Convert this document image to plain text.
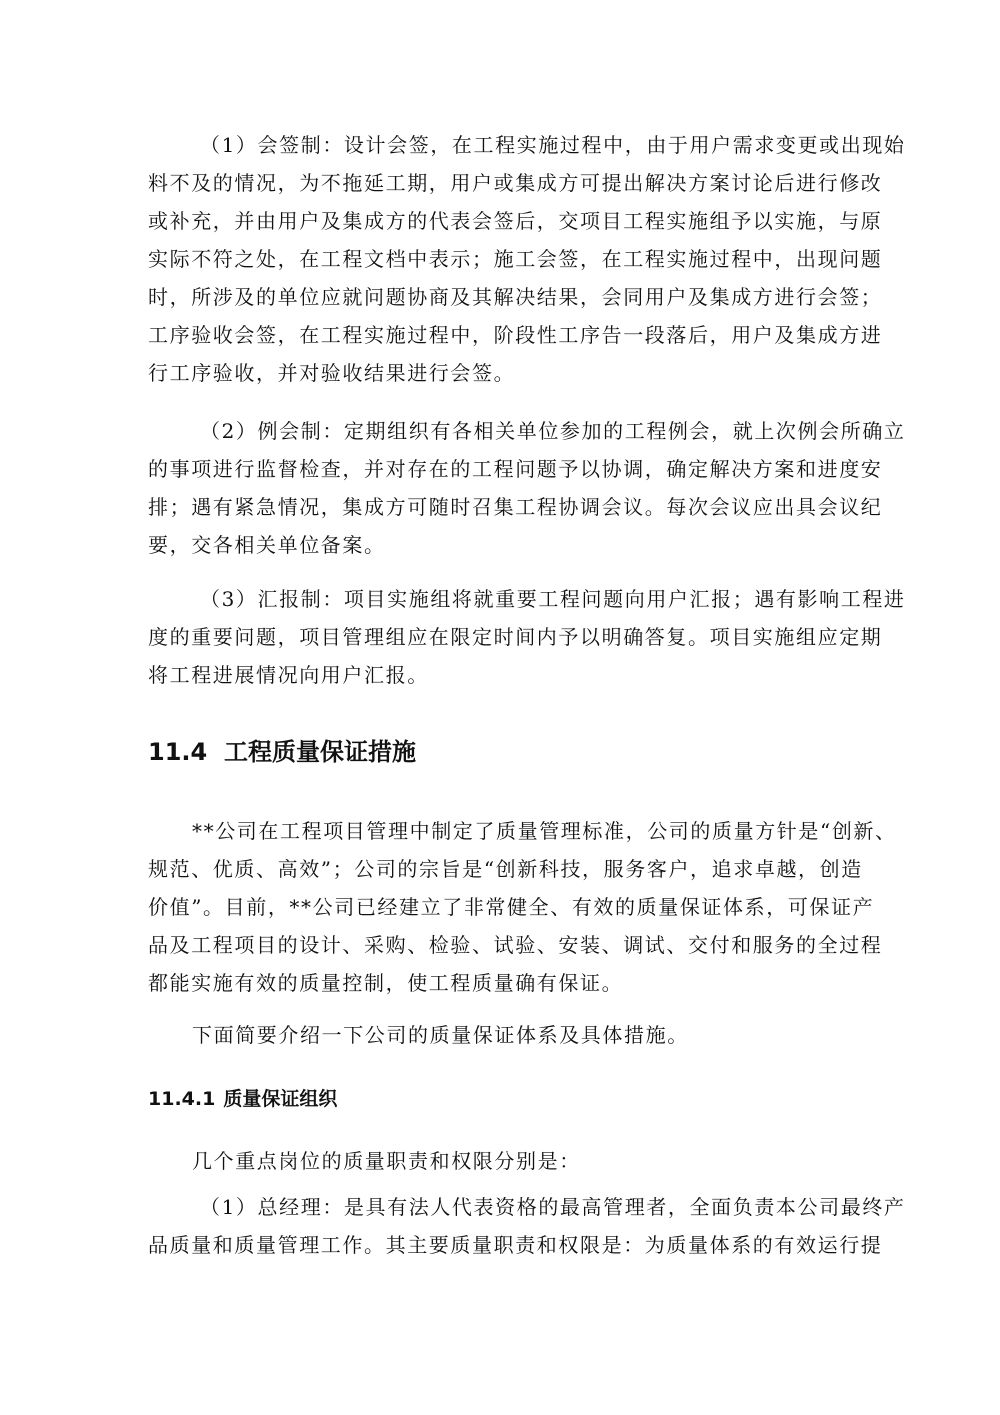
（1）会签制：设计会签，在工程实施过程中，由于用户需求变更或出现始
料不及的情况，为不拖延工期，用户或集成方可提出解决方案讨论后进行修改
或补充，并由用户及集成方的代表会签后，交项目工程实施组予以实施，与原
实际不符之处，在工程文档中表示；施工会签，在工程实施过程中，出现问题
时，所涉及的单位应就问题协商及其解决结果，会同用户及集成方进行会签；
工序验收会签，在工程实施过程中，阶段性工序告一段落后，用户及集成方进
行工序验收，并对验收结果进行会签。
（2）例会制：定期组织有各相关单位参加的工程例会，就上次例会所确立
的事项进行监督检查，并对存在的工程问题予以协调，确定解决方案和进度安
排；遇有紧急情况，集成方可随时召集工程协调会议。每次会议应出具会议纪
要，交各相关单位备案。
（3）汇报制：项目实施组将就重要工程问题向用户汇报；遇有影响工程进
度的重要问题，项目管理组应在限定时间内予以明确答复。项目实施组应定期
将工程进展情况向用户汇报。
11.4 工程质量保证措施
**公司在工程项目管理中制定了质量管理标准，公司的质量方针是“创新、
规范、优质、高效”；公司的宗旨是“创新科技，服务客户，追求卓越，创造
价值”。目前，**公司已经建立了非常健全、有效的质量保证体系，可保证产
品及工程项目的设计、采购、检验、试验、安装、调试、交付和服务的全过程
都能实施有效的质量控制，使工程质量确有保证。
下面简要介绍一下公司的质量保证体系及具体措施。
11.4.1 质量保证组织
几个重点岗位的质量职责和权限分别是：
（1）总经理：是具有法人代表资格的最高管理者，全面负责本公司最终产
品质量和质量管理工作。其主要质量职责和权限是：为质量体系的有效运行提
